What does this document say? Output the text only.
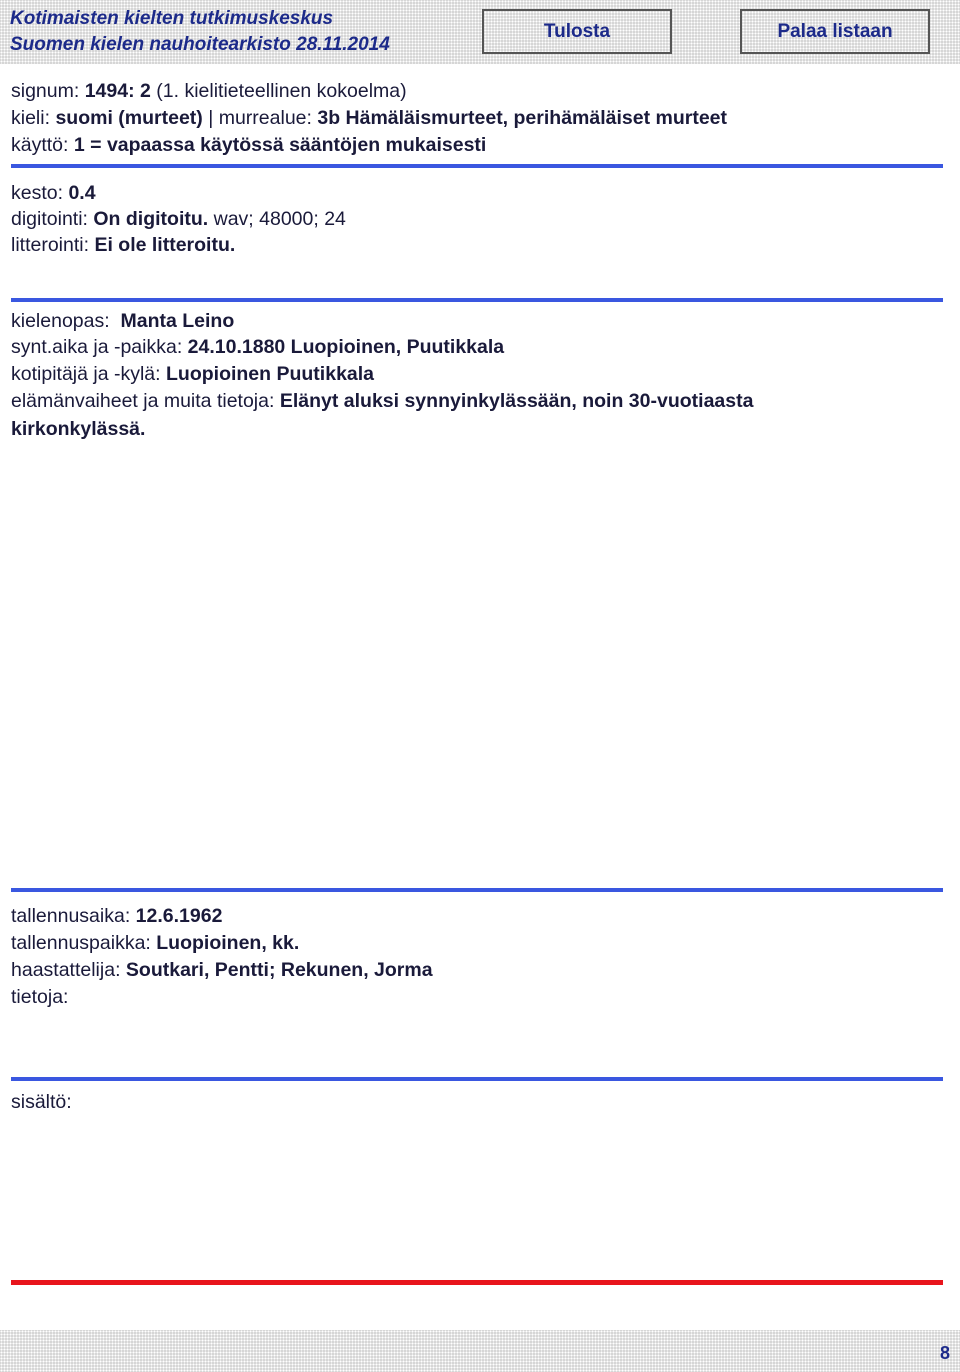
Kotimaisten kielten tutkimuskeskus
Suomen kielen nauhoitearkisto 28.11.2014
Tulosta	Palaa listaan
signum: 1494: 2 (1. kielitieteellinen kokoelma)
kieli: suomi (murteet) | murrealue: 3b Hämäläismurteet, perihämäläiset murteet
käyttö: 1 = vapaassa käytössä sääntöjen mukaisesti
kesto: 0.4
digitointi: On digitoitu. wav; 48000; 24
litterointi: Ei ole litteroitu.
kielenopas: Manta Leino
synt.aika ja -paikka: 24.10.1880 Luopioinen, Puutikkala
kotipitäjä ja -kylä: Luopioinen Puutikkala
elämänvaiheet ja muita tietoja: Elänyt aluksi synnyinkylässään, noin 30-vuotiaasta
kirkonkylässä.
tallennusaika: 12.6.1962
tallennuspaikka: Luopioinen, kk.
haastattelija: Soutkari, Pentti; Rekunen, Jorma
tietoja:
sisältö:
8
